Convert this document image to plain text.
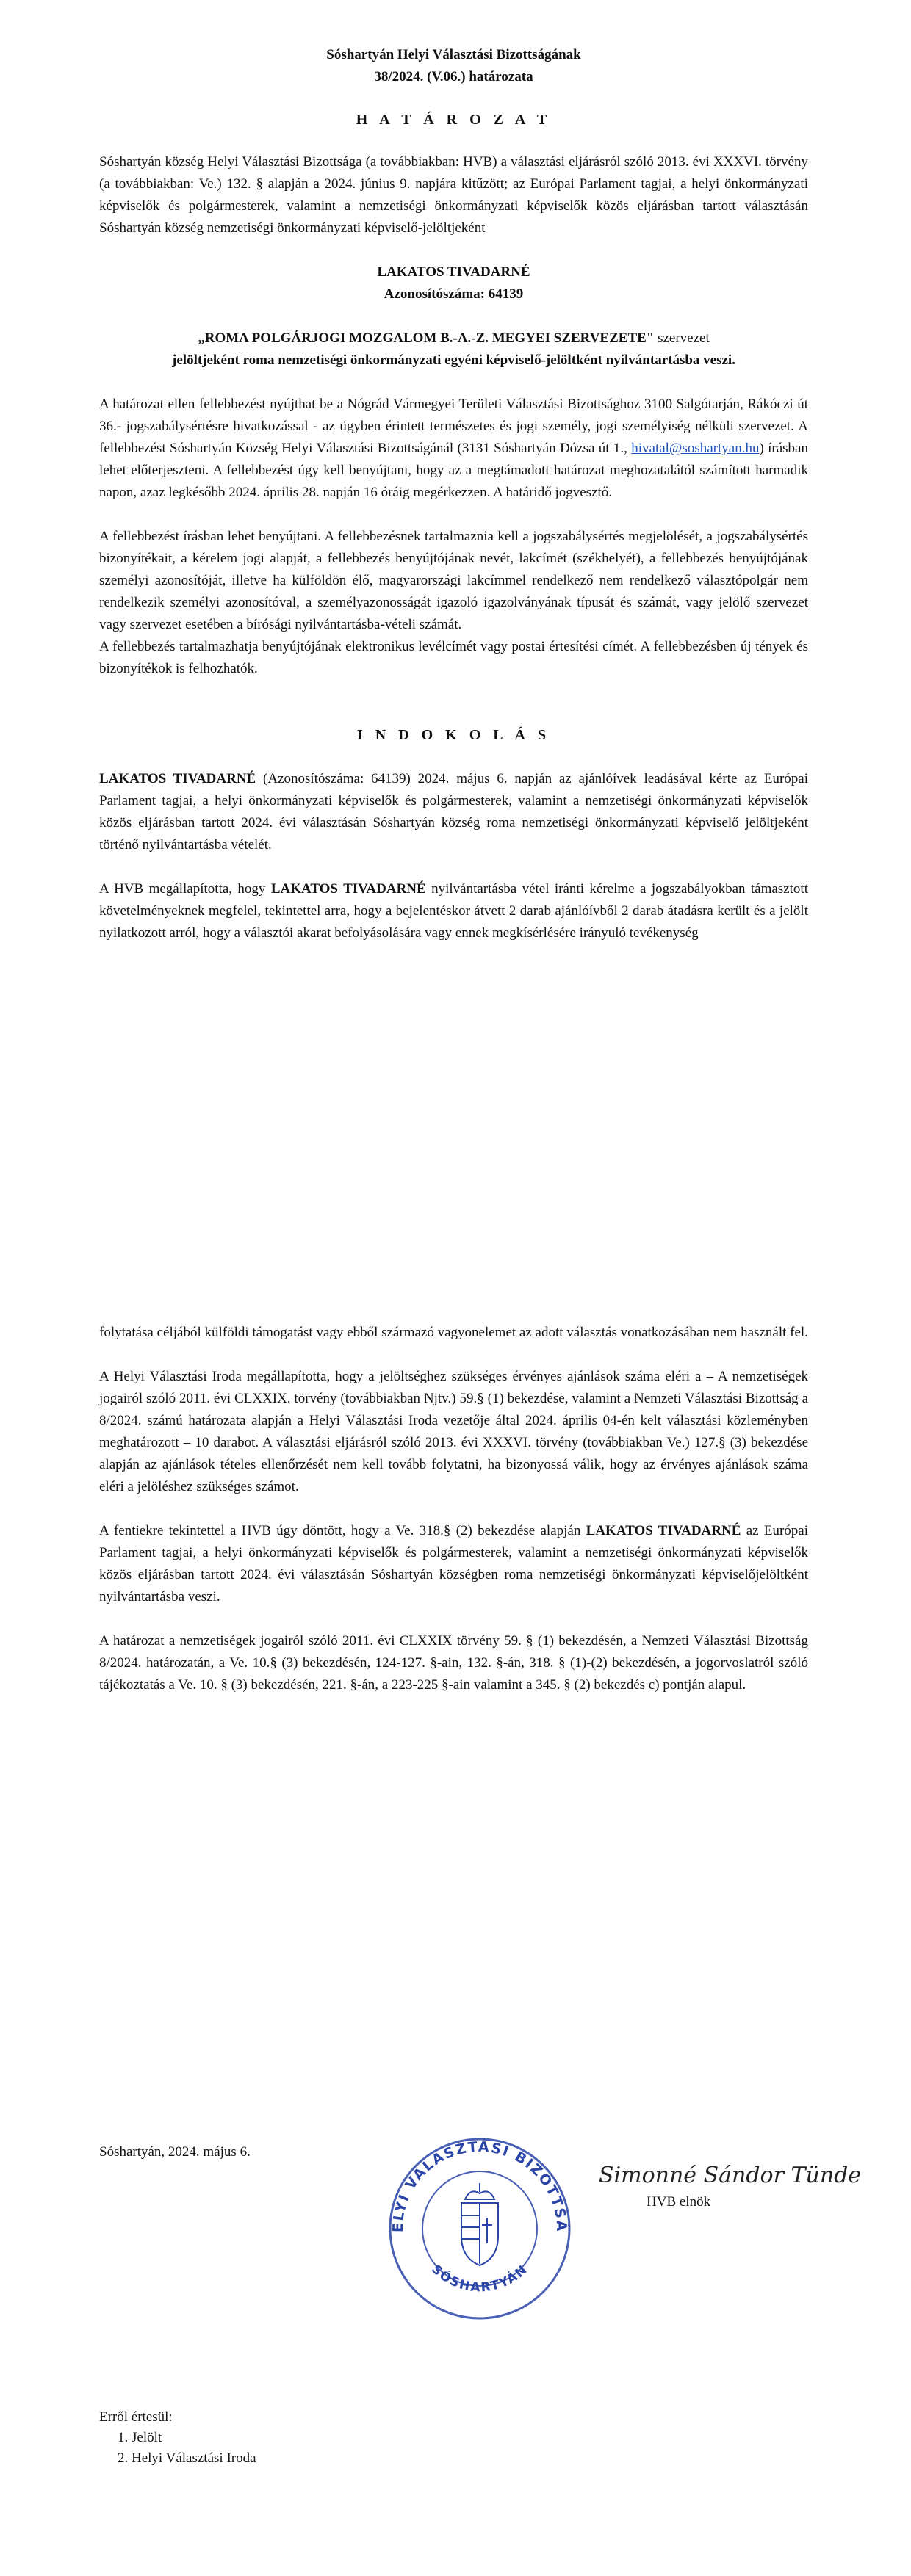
Sóshartyán Helyi Választási Bizottságának

38/2024. (V.06.) határozata

H A T Á R O Z A T

Sóshartyán község Helyi Választási Bizottsága (a továbbiakban: HVB) a választási eljárásról szóló 2013. évi XXXVI. törvény (a továbbiakban: Ve.) 132. § alapján a 2024. június 9. napjára kitűzött; az Európai Parlament tagjai, a helyi önkormányzati képviselők és polgármesterek, valamint a nemzetiségi önkormányzati képviselők közös eljárásban tartott választásán Sóshartyán község nemzetiségi önkormányzati képviselő-jelöltjeként

LAKATOS TIVADARNÉ

Azonosítószáma: 64139

„ROMA POLGÁRJOGI MOZGALOM B.-A.-Z. MEGYEI SZERVEZETE" szervezet
jelöltjeként roma nemzetiségi önkormányzati egyéni képviselő-jelöltként nyilvántartásba veszi.

A határozat ellen fellebbezést nyújthat be a Nógrád Vármegyei Területi Választási Bizottsághoz 3100 Salgótarján, Rákóczi út 36.- jogszabálysértésre hivatkozással - az ügyben érintett természetes és jogi személy, jogi személyiség nélküli szervezet. A fellebbezést Sóshartyán Község Helyi Választási Bizottságánál (3131 Sóshartyán Dózsa út 1., hivatal@soshartyan.hu) írásban lehet előterjeszteni. A fellebbezést úgy kell benyújtani, hogy az a megtámadott határozat meghozatalától számított harmadik napon, azaz legkésőbb 2024. április 28. napján 16 óráig megérkezzen. A határidő jogvesztő.

A fellebbezést írásban lehet benyújtani. A fellebbezésnek tartalmaznia kell a jogszabálysértés megjelölését, a jogszabálysértés bizonyítékait, a kérelem jogi alapját, a fellebbezés benyújtójának nevét, lakcímét (székhelyét), a fellebbezés benyújtójának személyi azonosítóját, illetve ha külföldön élő, magyarországi lakcímmel rendelkező nem rendelkező választópolgár nem rendelkezik személyi azonosítóval, a személyazonosságát igazoló igazolványának típusát és számát, vagy jelölő szervezet vagy szervezet esetében a bírósági nyilvántartásba-vételi számát.

A fellebbezés tartalmazhatja benyújtójának elektronikus levélcímét vagy postai értesítési címét. A fellebbezésben új tények és bizonyítékok is felhozhatók.

I N D O K O L Á S

LAKATOS TIVADARNÉ (Azonosítószáma: 64139) 2024. május 6. napján az ajánlóívek leadásával kérte az Európai Parlament tagjai, a helyi önkormányzati képviselők és polgármesterek, valamint a nemzetiségi önkormányzati képviselők közös eljárásban tartott 2024. évi választásán Sóshartyán község roma nemzetiségi önkormányzati képviselő jelöltjeként történő nyilvántartásba vételét.

A HVB megállapította, hogy LAKATOS TIVADARNÉ nyilvántartásba vétel iránti kérelme a jogszabályokban támasztott követelményeknek megfelel, tekintettel arra, hogy a bejelentéskor átvett 2 darab ajánlóívből 2 darab átadásra került és a jelölt nyilatkozott arról, hogy a választói akarat befolyásolására vagy ennek megkísérlésére irányuló tevékenység

folytatása céljából külföldi támogatást vagy ebből származó vagyonelemet az adott választás vonatkozásában nem használt fel.

A Helyi Választási Iroda megállapította, hogy a jelöltséghez szükséges érvényes ajánlások száma eléri a – A nemzetiségek jogairól szóló 2011. évi CLXXIX. törvény (továbbiakban Njtv.) 59.§ (1) bekezdése, valamint a Nemzeti Választási Bizottság a 8/2024. számú határozata alapján a Helyi Választási Iroda vezetője által 2024. április 04-én kelt választási közleményben meghatározott – 10 darabot. A választási eljárásról szóló 2013. évi XXXVI. törvény (továbbiakban Ve.) 127.§ (3) bekezdése alapján az ajánlások tételes ellenőrzését nem kell tovább folytatni, ha bizonyossá válik, hogy az érvényes ajánlások száma eléri a jelöléshez szükséges számot.

A fentiekre tekintettel a HVB úgy döntött, hogy a Ve. 318.§ (2) bekezdése alapján LAKATOS TIVADARNÉ az Európai Parlament tagjai, a helyi önkormányzati képviselők és polgármesterek, valamint a nemzetiségi önkormányzati képviselők közös eljárásban tartott 2024. évi választásán Sóshartyán községben roma nemzetiségi önkormányzati képviselőjelöltként nyilvántartásba veszi.

A határozat a nemzetiségek jogairól szóló 2011. évi CLXXIX törvény 59. § (1) bekezdésén, a Nemzeti Választási Bizottság 8/2024. határozatán, a Ve. 10.§ (3) bekezdésén, 124-127. §-ain, 132. §-án, 318. § (1)-(2) bekezdésén, a jogorvoslatról szóló tájékoztatás a Ve. 10. § (3) bekezdésén, 221. §-án, a 223-225 §-ain valamint a 345. § (2) bekezdés c) pontján alapul.

Sóshartyán, 2024. május 6.
ELYI VÁLASZTÁSI BIZOTTSÁ
SÓSHARTYÁN
Simonné Sándor Tünde
HVB elnök
Erről értesül:
1. Jelölt
2. Helyi Választási Iroda
